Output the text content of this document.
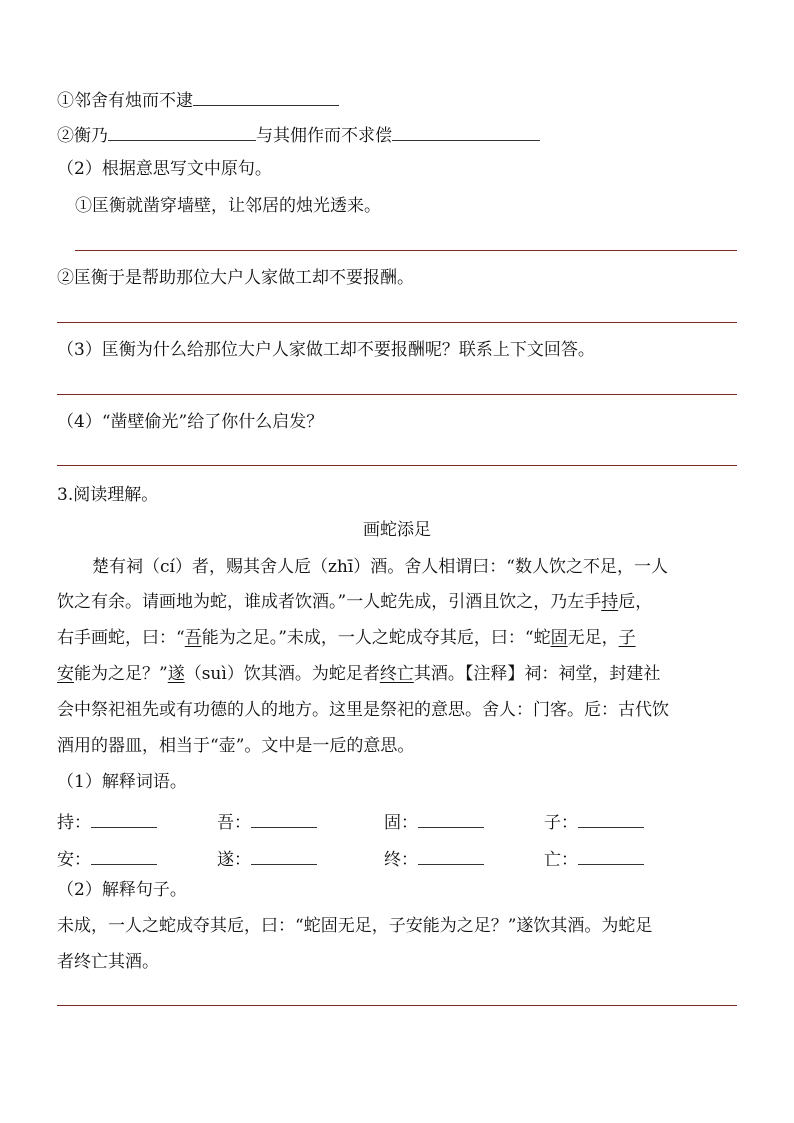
①邻舍有烛而不逮
②衡乃	与其佣作而不求偿
（2）根据意思写文中原句。
①匡衡就凿穿墙壁，让邻居的烛光透来。
②匡衡于是帮助那位大户人家做工却不要报酬。
（3）匡衡为什么给那位大户人家做工却不要报酬呢？联系上下文回答。
（4）“凿壁偷光”给了你什么启发？
3.阅读理解。
画蛇添足
楚有祠（cí）者，赐其舍人卮（zhī）酒。舍人相谓曰：“数人饮之不足，一人
饮之有余。请画地为蛇，谁成者饮酒。”一人蛇先成，引酒且饮之，乃左手持卮，
右手画蛇，曰：“吾能为之足。”未成，一人之蛇成夺其卮，曰：“蛇固无足，子
安能为之足？”遂（suì）饮其酒。为蛇足者终亡其酒。【注释】祠：祠堂，封建社
会中祭祀祖先或有功德的人的地方。这里是祭祀的意思。舍人：门客。卮：古代饮
酒用的器皿，相当于“壶”。文中是一卮的意思。
（1）解释词语。
持：	吾：	固：	子：
安：	遂：	终：	亡：
（2）解释句子。
未成，一人之蛇成夺其卮，曰：“蛇固无足，子安能为之足？”遂饮其酒。为蛇足
者终亡其酒。
